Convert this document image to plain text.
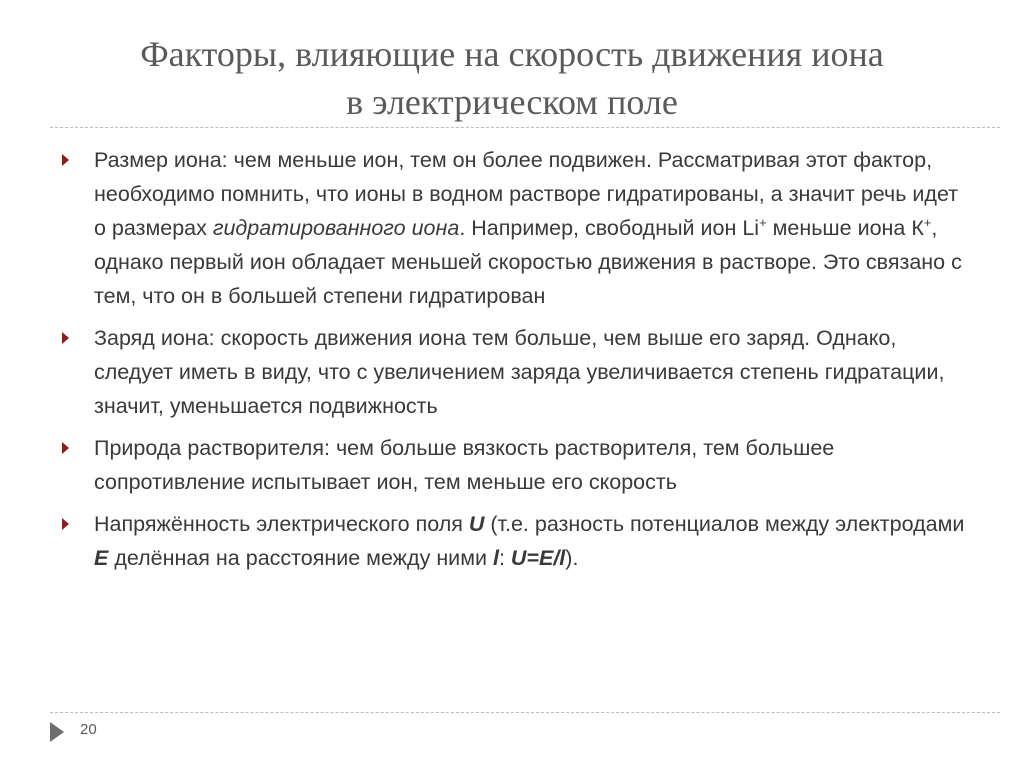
Факторы, влияющие на скорость движения иона
в электрическом поле
Размер иона: чем меньше ион, тем он более подвижен. Рассматривая этот фактор, необходимо помнить, что ионы в водном растворе гидратированы, а значит речь идет о размерах гидратированного иона. Например, свободный ион Li+ меньше иона К+, однако первый ион обладает меньшей скоростью движения в растворе. Это связано с тем, что он в большей степени гидратирован
Заряд иона: скорость движения иона тем больше, чем выше его заряд. Однако, следует иметь в виду, что с увеличением заряда увеличивается степень гидратации, значит, уменьшается подвижность
Природа растворителя: чем больше вязкость растворителя, тем большее сопротивление испытывает ион, тем меньше его скорость
Напряжённость электрического поля U (т.е. разность потенциалов между электродами E делённая на расстояние между ними l: U=E/l).
20
